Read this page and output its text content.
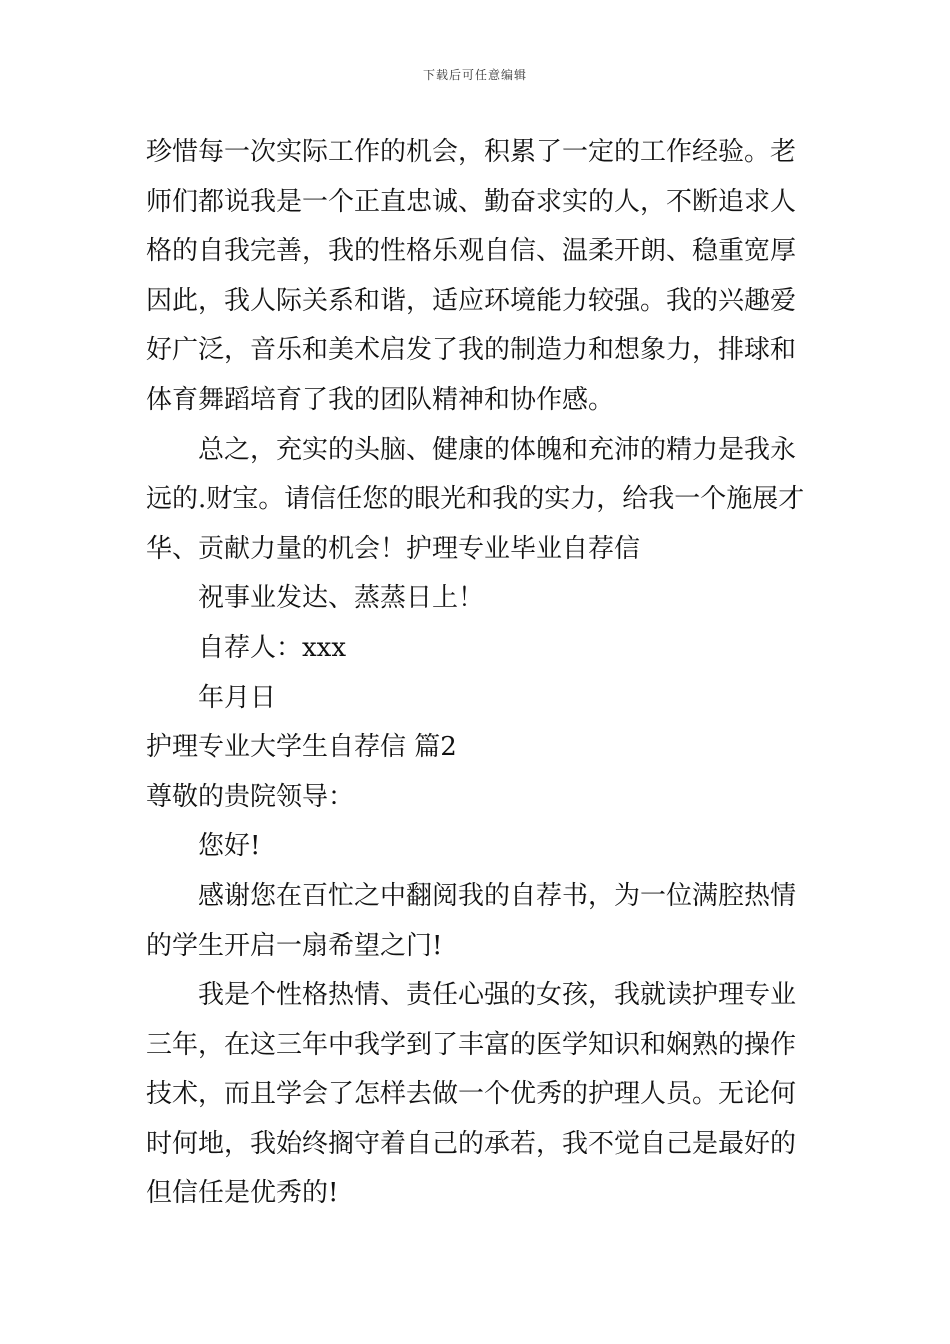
下载后可任意编辑
珍惜每一次实际工作的机会，积累了一定的工作经验。老
师们都说我是一个正直忠诚、勤奋求实的人，不断追求人
格的自我完善，我的性格乐观自信、温柔开朗、稳重宽厚
因此，我人际关系和谐，适应环境能力较强。我的兴趣爱
好广泛，音乐和美术启发了我的制造力和想象力，排球和
体育舞蹈培育了我的团队精神和协作感。
总之，充实的头脑、健康的体魄和充沛的精力是我永
远的.财宝。请信任您的眼光和我的实力，给我一个施展才
华、贡献力量的机会！护理专业毕业自荐信
祝事业发达、蒸蒸日上！
自荐人：xxx
年月日
护理专业大学生自荐信 篇2
尊敬的贵院领导：
您好!
感谢您在百忙之中翻阅我的自荐书，为一位满腔热情
的学生开启一扇希望之门!
我是个性格热情、责任心强的女孩，我就读护理专业
三年，在这三年中我学到了丰富的医学知识和娴熟的操作
技术，而且学会了怎样去做一个优秀的护理人员。无论何
时何地，我始终搁守着自己的承若，我不觉自己是最好的
但信任是优秀的!
